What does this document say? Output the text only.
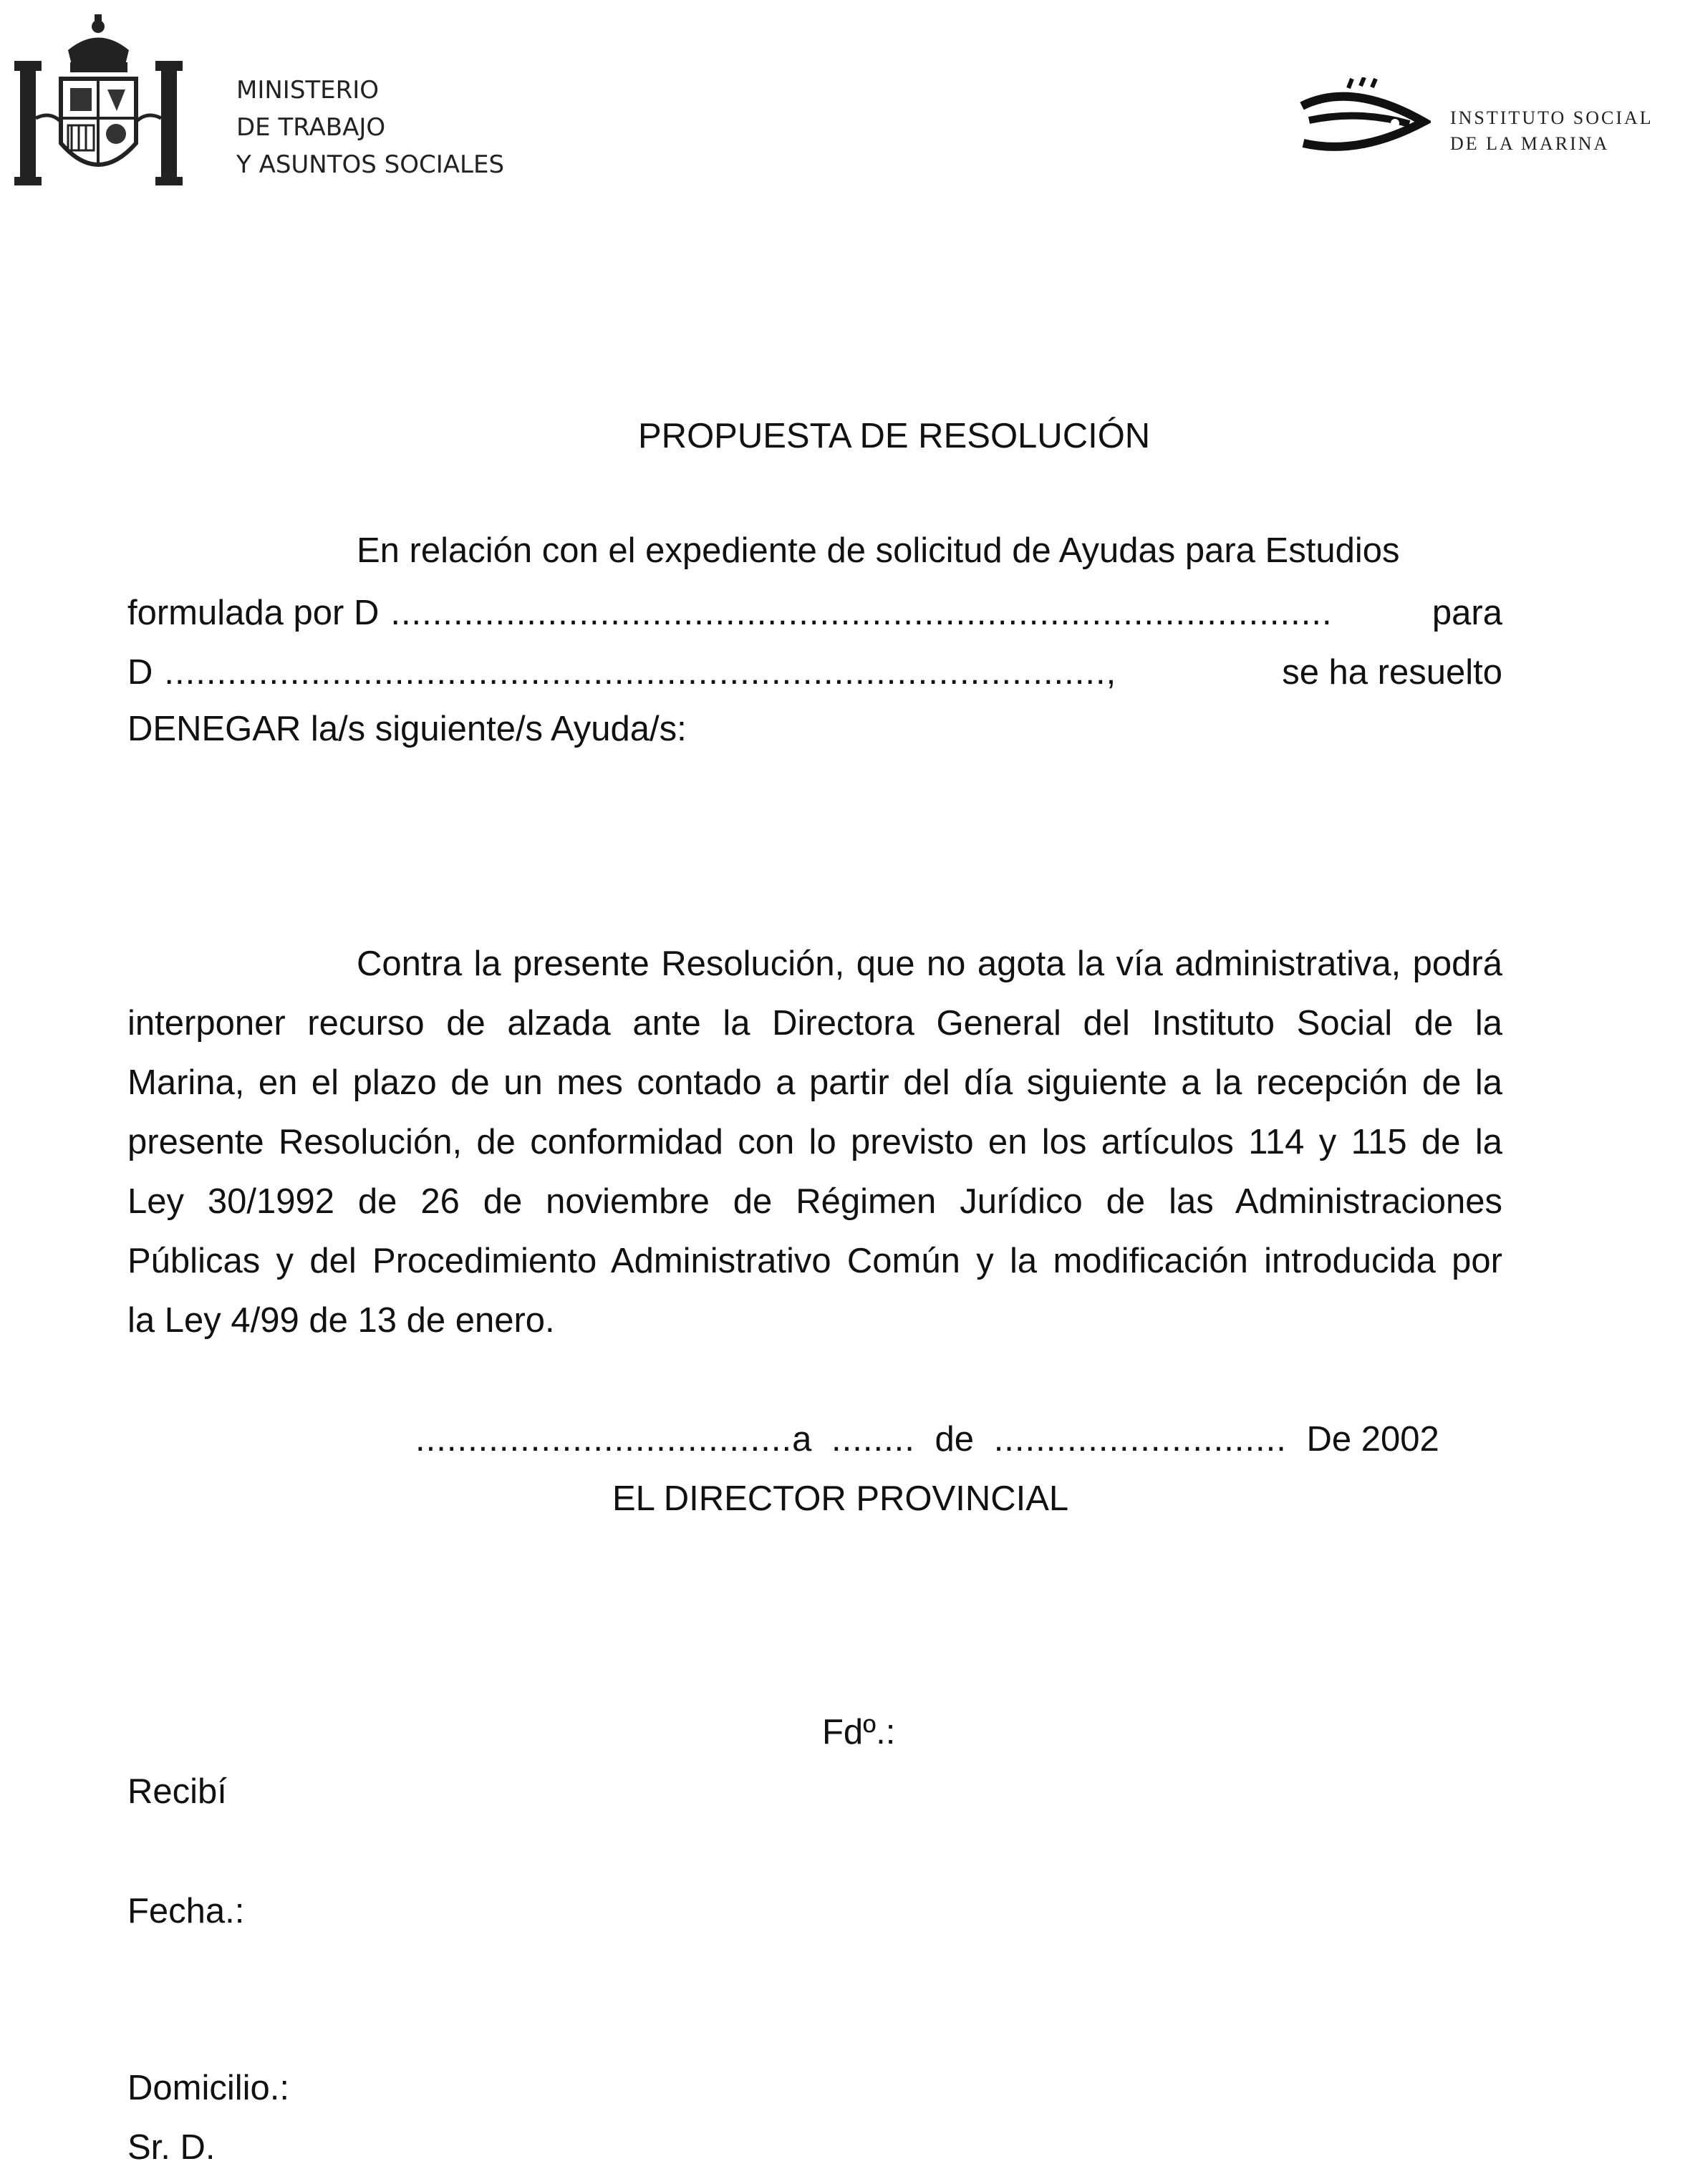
MINISTERIO
DE TRABAJO
Y ASUNTOS SOCIALES
INSTITUTO SOCIAL
DE LA MARINA
PROPUESTA DE RESOLUCIÓN
En relación con el expediente de solicitud de Ayudas para Estudios
formulada por D ..........................................................................................	para
D ..........................................................................................,	se ha resuelto
DENEGAR la/s siguiente/s Ayuda/s:
Contra la presente Resolución, que no agota la vía administrativa, podrá
interponer recurso de alzada ante la Directora General del Instituto Social de la
Marina, en el plazo de un mes contado a partir del día siguiente a la recepción de la
presente Resolución, de conformidad con lo previsto en los artículos 114 y 115 de la
Ley 30/1992 de 26 de noviembre de Régimen Jurídico de las Administraciones
Públicas y del Procedimiento Administrativo Común y la modificación introducida por
la Ley 4/99 de 13 de enero.
....................................a ........ de ............................ De 2002
EL DIRECTOR PROVINCIAL
Fdº.:
Recibí
Fecha.:
Domicilio.:
Sr. D.
